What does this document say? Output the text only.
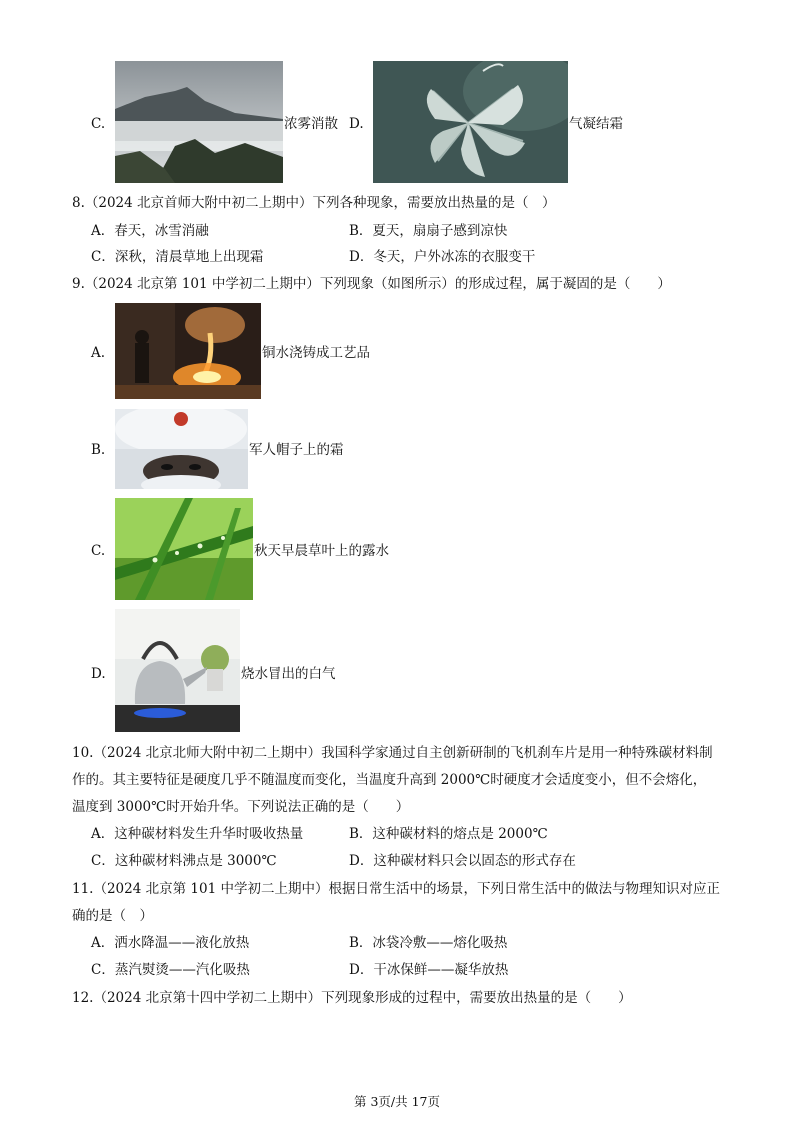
C.	浓雾消散 D.	气凝结霜
8.（2024 北京首师大附中初二上期中）下列各种现象，需要放出热量的是（　）
A．春天，冰雪消融	B．夏天，扇扇子感到凉快
C．深秋，清晨草地上出现霜	D．冬天，户外冰冻的衣服变干
9.（2024 北京第 101 中学初二上期中）下列现象（如图所示）的形成过程，属于凝固的是（　　）
A.	铜水浇铸成工艺品
B.	军人帽子上的霜
C.	秋天早晨草叶上的露水
D.	烧水冒出的白气
10.（2024 北京北师大附中初二上期中）我国科学家通过自主创新研制的飞机刹车片是用一种特殊碳材料制
作的。其主要特征是硬度几乎不随温度而变化，当温度升高到 2000℃时硬度才会适度变小，但不会熔化，
温度到 3000℃时开始升华。下列说法正确的是（　　）
A．这种碳材料发生升华时吸收热量	B．这种碳材料的熔点是 2000℃
C．这种碳材料沸点是 3000℃	D．这种碳材料只会以固态的形式存在
11.（2024 北京第 101 中学初二上期中）根据日常生活中的场景，下列日常生活中的做法与物理知识对应正
确的是（　）
A．洒水降温——液化放热	B．冰袋冷敷——熔化吸热
C．蒸汽熨烫——汽化吸热	D．干冰保鲜——凝华放热
12.（2024 北京第十四中学初二上期中）下列现象形成的过程中，需要放出热量的是（　　）
第 3页/共 17页
